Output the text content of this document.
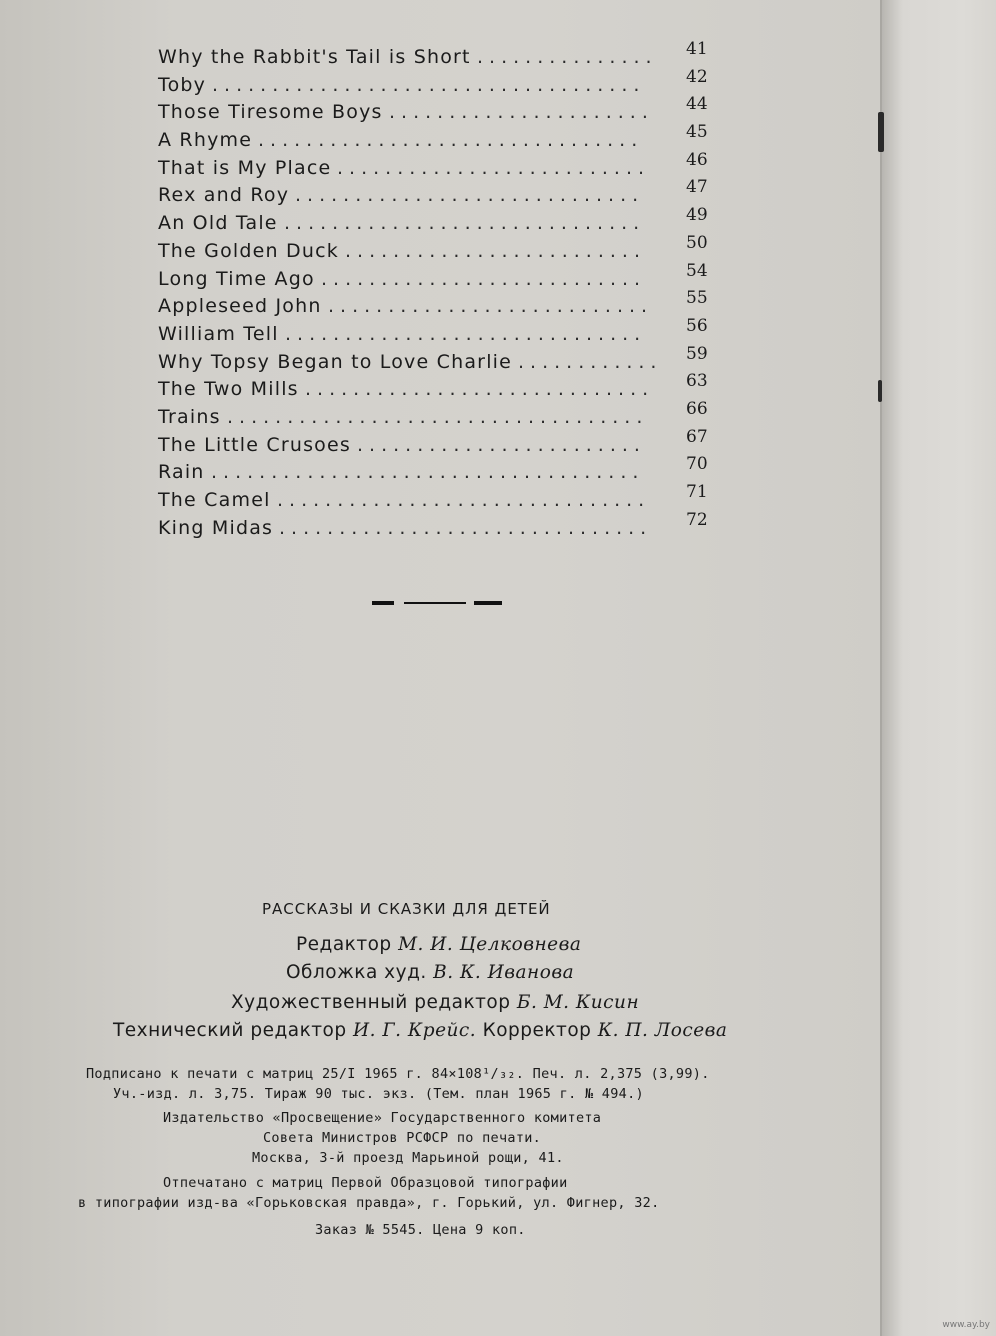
Why the Rabbit's Tail is Short ...............	41
Toby ....................................	42
Those Tiresome Boys ......................	44
A Rhyme ................................	45
That is My Place ..........................	46
Rex and Roy .............................	47
An Old Tale ..............................	49
The Golden Duck .........................	50
Long Time Ago ...........................	54
Appleseed John ...........................	55
William Tell ..............................	56
Why Topsy Began to Love Charlie ............	59
The Two Mills .............................	63
Trains ...................................	66
The Little Crusoes ........................	67
Rain ....................................	70
The Camel ...............................	71
King Midas ...............................	72
РАССКАЗЫ И СКАЗКИ ДЛЯ ДЕТЕЙ
Редактор М. И. Целковнева
Обложка худ. В. К. Иванова
Художественный редактор Б. М. Кисин
Технический редактор И. Г. Крейс. Корректор К. П. Лосева
Подписано к печати с матриц 25/I 1965 г. 84×108¹/₃₂. Печ. л. 2,375 (3,99).
Уч.-изд. л. 3,75. Тираж 90 тыс. экз. (Тем. план 1965 г. № 494.)
Издательство «Просвещение» Государственного комитета
Совета Министров РСФСР по печати.
Москва, 3-й проезд Марьиной рощи, 41.
Отпечатано с матриц Первой Образцовой типографии
в типографии изд-ва «Горьковская правда», г. Горький, ул. Фигнер, 32.
Заказ № 5545. Цена 9 коп.
www.ay.by
